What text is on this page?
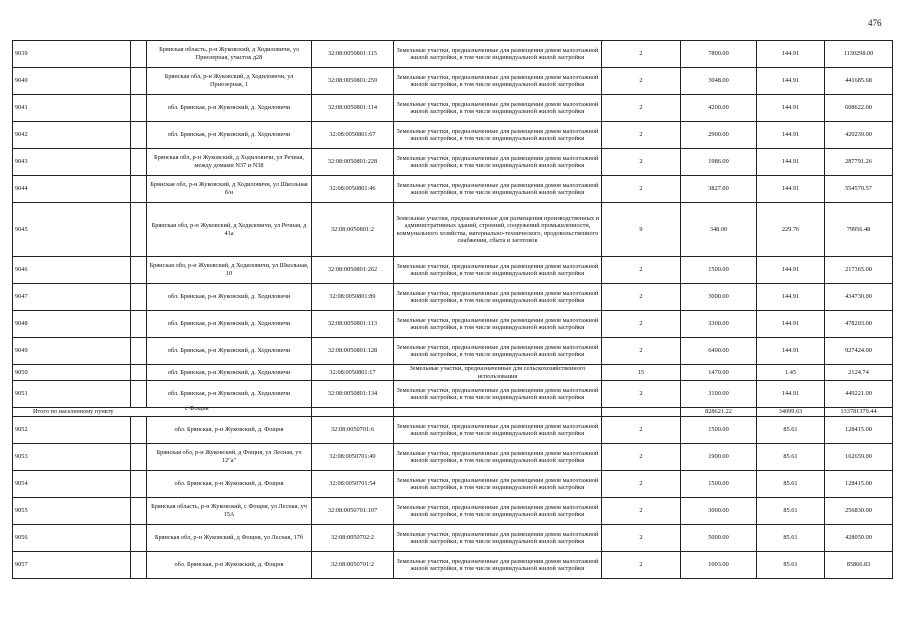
476
9039		Брянская область, р-н Жуковский, д Ходиловичи, ул Приозерная, участок д28	32:08:0050801:115	Земельные участки, предназначенные для размещения домов малоэтажной жилой застройки, в том числе индивидуальной жилой застройки	2	7800.00	144.91	1130298.00
9040		Брянская обл, р-н Жуковский, д Ходиловичи, ул Приозерная, 1	32:08:0050801:259	Земельные участки, предназначенные для размещения домов малоэтажной жилой застройки, в том числе индивидуальной жилой застройки	2	3048.00	144.91	441685.68
9041		обл. Брянская, р-н Жуковский, д. Ходиловичи	32:08:0050801:114	Земельные участки, предназначенные для размещения домов малоэтажной жилой застройки, в том числе индивидуальной жилой застройки	2	4200.00	144.91	608622.00
9042		обл. Брянская, р-н Жуковский, д. Ходиловичи	32:08:0050801:67	Земельные участки, предназначенные для размещения домов малоэтажной жилой застройки, в том числе индивидуальной жилой застройки	2	2900.00	144.91	420239.00
9043		Брянская обл, р-н Жуковский, д Ходиловичи, ул Речная, между домами N37 и N38	32:08:0050801:228	Земельные участки, предназначенные для размещения домов малоэтажной жилой застройки, в том числе индивидуальной жилой застройки	2	1986.00	144.91	287791.26
9044		Брянская обл, р-н Жуковский, д Ходиловичи, ул Школьная б/н	32:08:0050801:46	Земельные участки, предназначенные для размещения домов малоэтажной жилой застройки, в том числе индивидуальной жилой застройки	2	3827.00	144.91	554570.57
9045		Брянская обл, р-н Жуковский, д Ходиловичи, ул Речная, д 41а	32:08:0050801:2	Земельные участки, предназначенные для размещения производственных и административных зданий, строений, сооружений промышленности, коммунального хозяйства, материально-технического, продовольственного снабжения, сбыта и заготовок	9	348.00	229.76	79956.48
9046		Брянская обл, р-н Жуковский, д Ходиловичи, ул Школьная, 10	32:08:0050801:262	Земельные участки, предназначенные для размещения домов малоэтажной жилой застройки, в том числе индивидуальной жилой застройки	2	1500.00	144.91	217365.00
9047		обл. Брянская, р-н Жуковский, д. Ходиловичи	32:08:0050801:89	Земельные участки, предназначенные для размещения домов малоэтажной жилой застройки, в том числе индивидуальной жилой застройки	2	3000.00	144.91	434730.00
9048		обл. Брянская, р-н Жуковский, д. Ходиловичи	32:08:0050801:113	Земельные участки, предназначенные для размещения домов малоэтажной жилой застройки, в том числе индивидуальной жилой застройки	2	3300.00	144.91	478203.00
9049		обл. Брянская, р-н Жуковский, д. Ходиловичи	32:08:0050801:128	Земельные участки, предназначенные для размещения домов малоэтажной жилой застройки, в том числе индивидуальной жилой застройки	2	6400.00	144.91	927424.00
9050		обл. Брянская, р-н Жуковский, д. Ходиловичи	32:08:0050801:17	Земельные участки, предназначенные для сельскохозяйственного использования	15	1470.00	1.45	2124.74
9051		обл. Брянская, р-н Жуковский, д. Ходиловичи	32:08:0050801:134	Земельные участки, предназначенные для размещения домов малоэтажной жилой застройки, в том числе индивидуальной жилой застройки	2	3100.00	144.91	449221.00
Итого по населенному пункту						828621.22	34099.63	133781379.44
9052	с Фощня	обл. Брянская, р-н Жуковский, д. Фощня	32:08:0050701:6	Земельные участки, предназначенные для размещения домов малоэтажной жилой застройки, в том числе индивидуальной жилой застройки	2	1500.00	85.61	128415.00
9053		Брянская обл, р-н Жуковский, д Фощня, ул Лесная, уч 12"а"	32:08:0050701:49	Земельные участки, предназначенные для размещения домов малоэтажной жилой застройки, в том числе индивидуальной жилой застройки	2	1900.00	85.61	162659.00
9054		обл. Брянская, р-н Жуковский, д. Фощня	32:08:0050701:54	Земельные участки, предназначенные для размещения домов малоэтажной жилой застройки, в том числе индивидуальной жилой застройки	2	1500.00	85.61	128415.00
9055		Брянская область, р-н Жуковский, с Фощня, ул Лесная, уч 15А	32:08:0050701:107	Земельные участки, предназначенные для размещения домов малоэтажной жилой застройки, в том числе индивидуальной жилой застройки	2	3000.00	85.61	256830.00
9056		Брянская обл, р-н Жуковский, д Фощня, ул Лесная, 17б	32:08:0050702:2	Земельные участки, предназначенные для размещения домов малоэтажной жилой застройки, в том числе индивидуальной жилой застройки	2	5000.00	85.61	428050.00
9057		обл. Брянская, р-н Жуковский, д. Фощня	32:08:0050701:2	Земельные участки, предназначенные для размещения домов малоэтажной жилой застройки, в том числе индивидуальной жилой застройки	2	1003.00	85.61	85866.83
